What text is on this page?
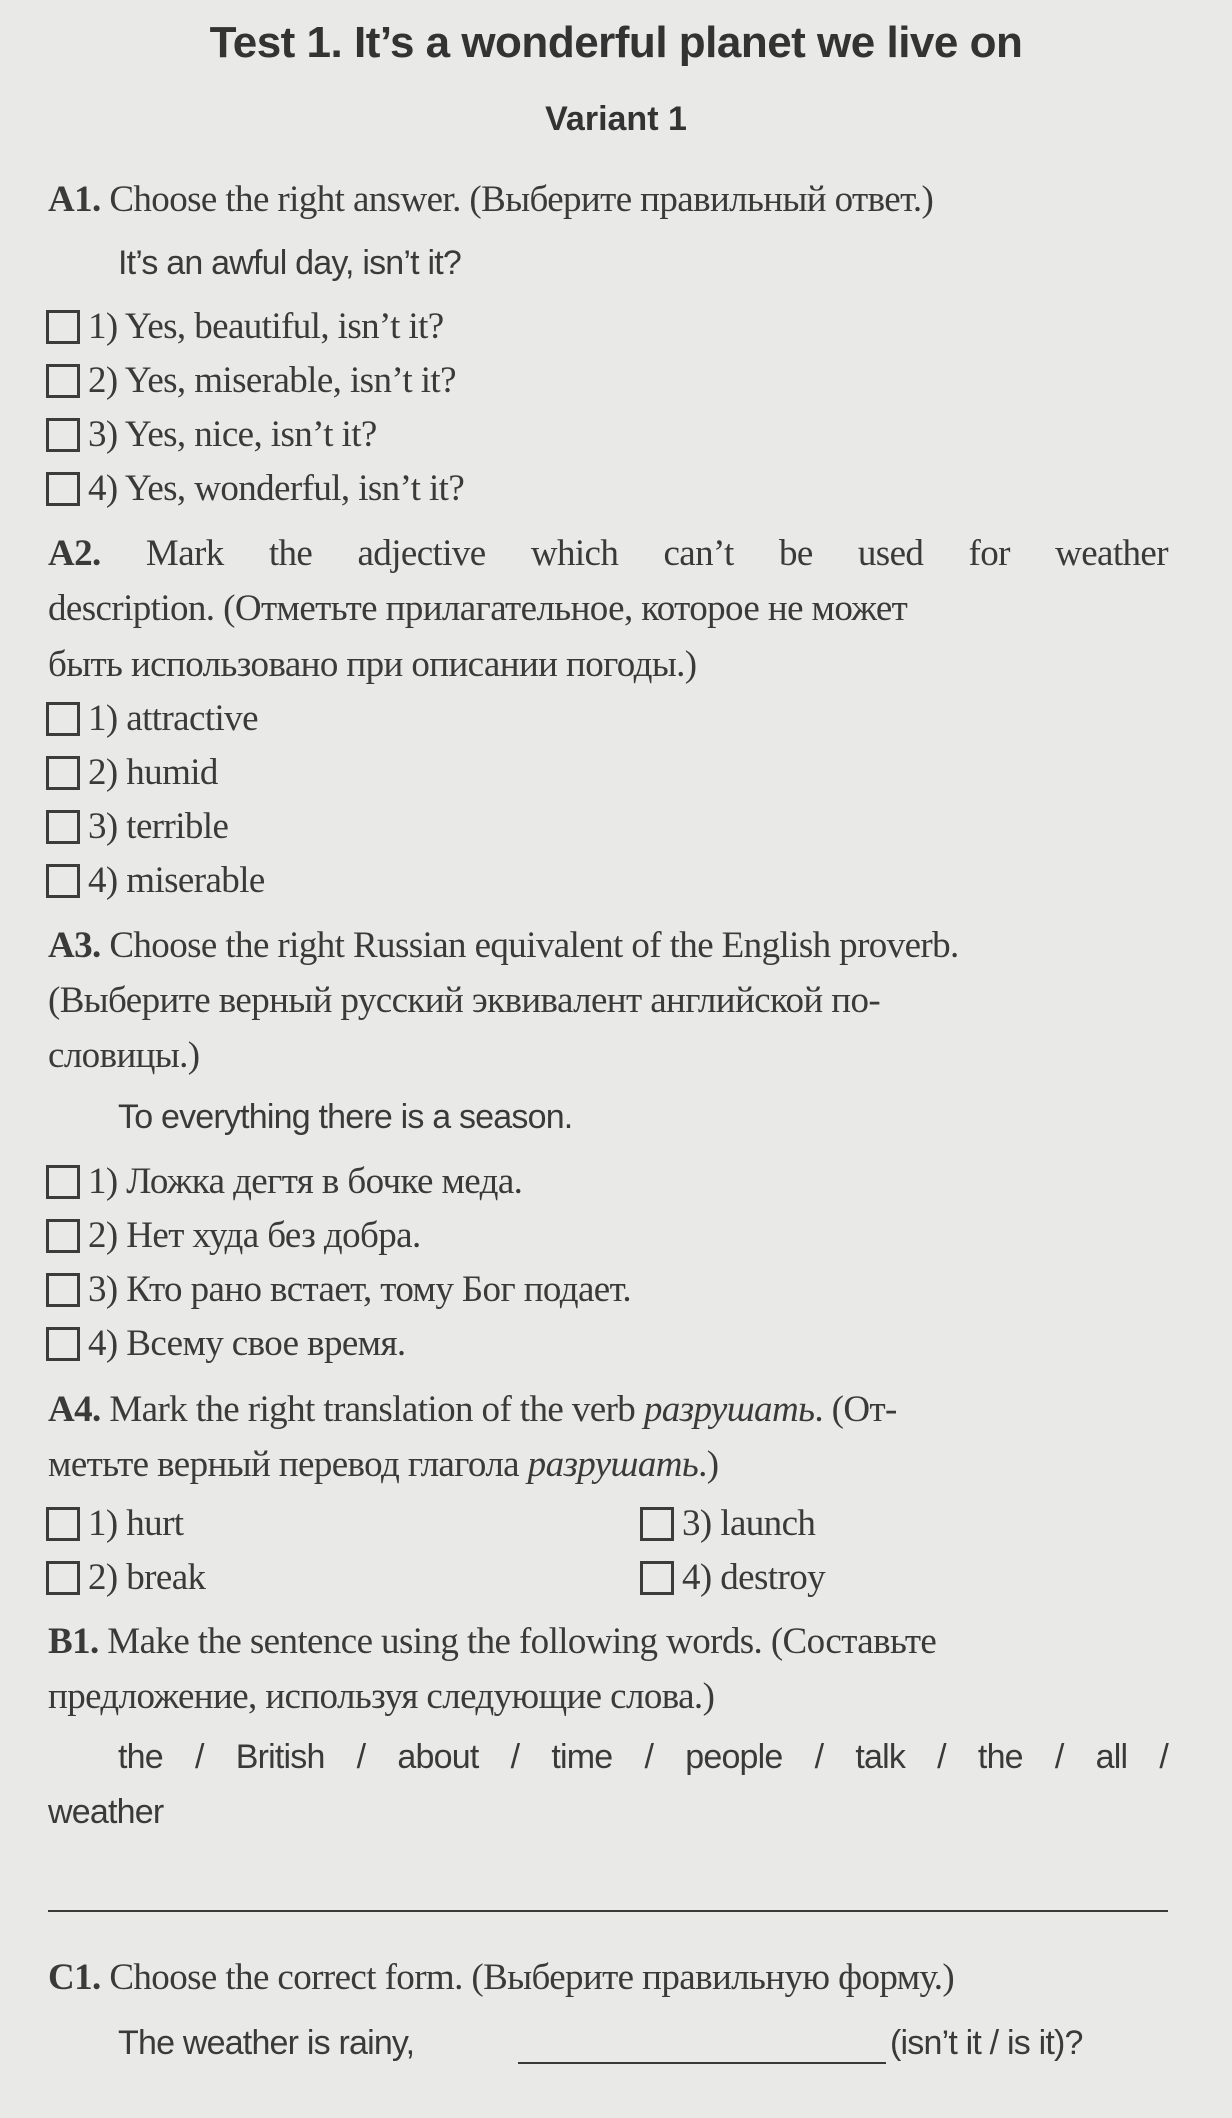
Test 1. It’s a wonderful planet we live on
Variant 1
A1. Choose the right answer. (Выберите правильный ответ.)
It’s an awful day, isn’t it?
1) Yes, beautiful, isn’t it?
2) Yes, miserable, isn’t it?
3) Yes, nice, isn’t it?
4) Yes, wonderful, isn’t it?
A2. Mark the adjective which can’t be used for weather
description. (Отметьте прилагательное, которое не может
быть использовано при описании погоды.)
1) attractive
2) humid
3) terrible
4) miserable
A3. Choose the right Russian equivalent of the English proverb.
(Выберите верный русский эквивалент английской по-
словицы.)
To everything there is a season.
1) Ложка дегтя в бочке меда.
2) Нет худа без добра.
3) Кто рано встает, тому Бог подает.
4) Всему свое время.
A4. Mark the right translation of the verb разрушать. (От-
метьте верный перевод глагола разрушать.)
1) hurt
2) break
3) launch
4) destroy
B1. Make the sentence using the following words. (Составьте
предложение, используя следующие слова.)
the / British / about / time / people / talk / the / all /
weather
C1. Choose the correct form. (Выберите правильную форму.)
The weather is rainy,	(isn’t it / is it)?
